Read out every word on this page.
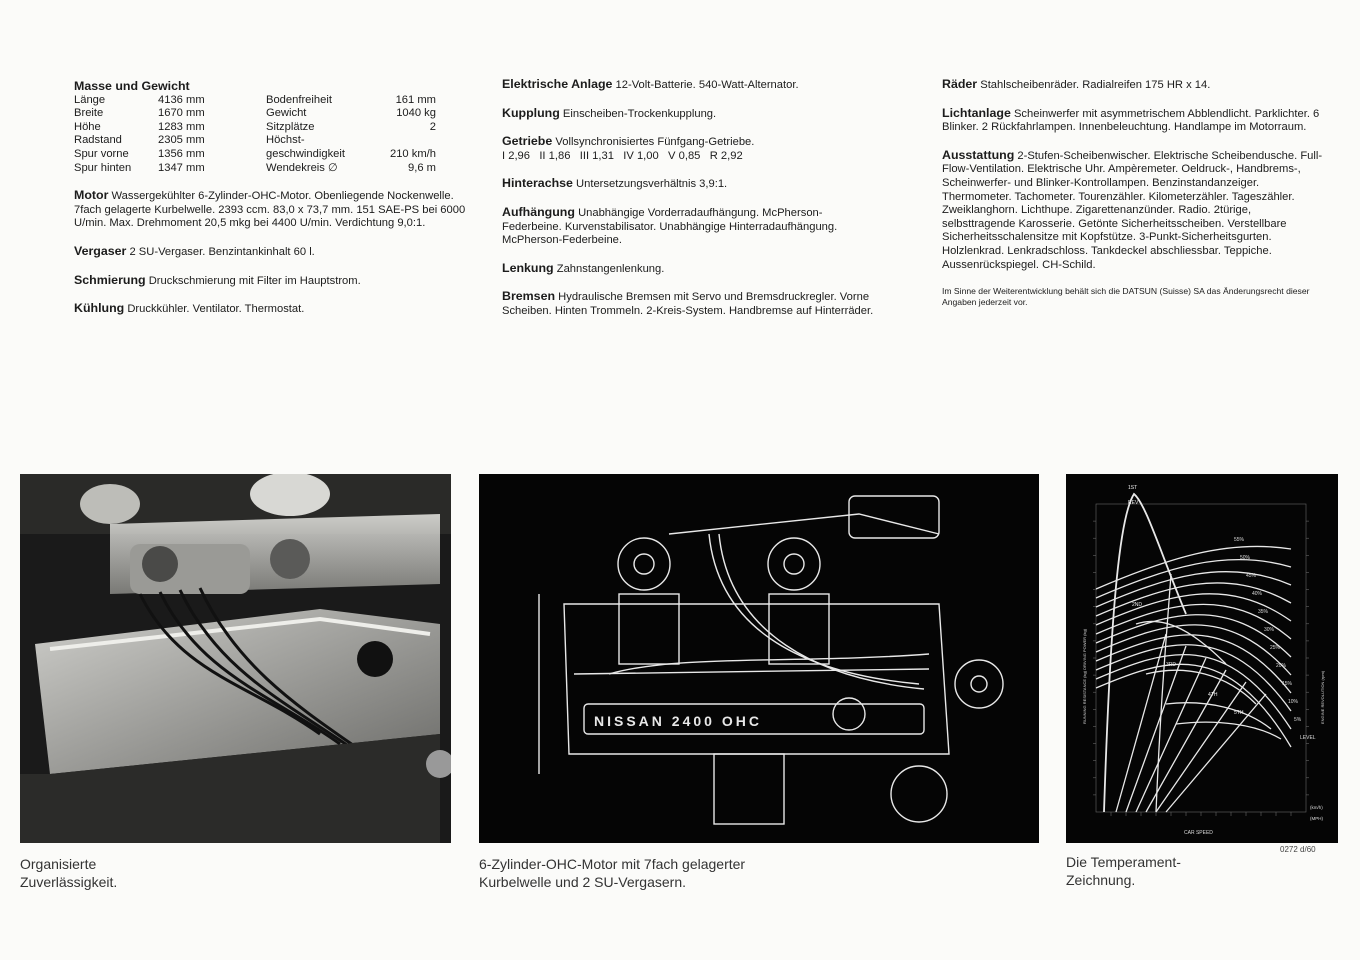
Masse und Gewicht
Länge	4136 mm	Bodenfreiheit	161 mm
Breite	1670 mm	Gewicht	1040 kg
Höhe	1283 mm	Sitzplätze	2
Radstand	2305 mm	Höchst-	
Spur vorne	1356 mm	geschwindigkeit	210 km/h
Spur hinten	1347 mm	Wendekreis ∅	9,6 m

Motor Wassergekühlter 6-Zylinder-OHC-Motor. Obenliegende Nockenwelle. 7fach gelagerte Kurbelwelle. 2393 ccm. 83,0 x 73,7 mm. 151 SAE-PS bei 6000 U/min. Max. Drehmoment 20,5 mkg bei 4400 U/min. Verdichtung 9,0:1.

Vergaser 2 SU-Vergaser. Benzintankinhalt 60 l.

Schmierung Druckschmierung mit Filter im Hauptstrom.

Kühlung Druckkühler. Ventilator. Thermostat.

Elektrische Anlage 12-Volt-Batterie. 540-Watt-Alternator.

Kupplung Einscheiben-Trockenkupplung.

Getriebe Vollsynchronisiertes Fünfgang-Getriebe.
I 2,96   II 1,86   III 1,31   IV 1,00   V 0,85   R 2,92

Hinterachse Untersetzungsverhältnis 3,9:1.

Aufhängung Unabhängige Vorderradaufhängung. McPherson-Federbeine. Kurvenstabilisator. Unabhängige Hinterradaufhängung. McPherson-Federbeine.

Lenkung Zahnstangenlenkung.

Bremsen Hydraulische Bremsen mit Servo und Bremsdruckregler. Vorne Scheiben. Hinten Trommeln. 2-Kreis-System. Handbremse auf Hinterräder.

Räder Stahlscheibenräder. Radialreifen 175 HR x 14.

Lichtanlage Scheinwerfer mit asymmetrischem Abblendlicht. Parklichter. 6 Blinker. 2 Rückfahrlampen. Innenbeleuchtung. Handlampe im Motorraum.

Ausstattung 2-Stufen-Scheibenwischer. Elektrische Scheibendusche. Full-Flow-Ventilation. Elektrische Uhr. Ampèremeter. Oeldruck-, Handbrems-, Scheinwerfer- und Blinker-Kontrollampen. Benzinstandanzeiger. Thermometer. Tachometer. Tourenzähler. Kilometerzähler. Tageszähler. Zweiklanghorn. Lichthupe. Zigarettenanzünder. Radio. 2türige, selbsttragende Karosserie. Getönte Sicherheitsscheiben. Verstellbare Sicherheitsschalensitze mit Kopfstütze. 3-Punkt-Sicherheitsgurten. Holzlenkrad. Lenkradschloss. Tankdeckel abschliessbar. Teppiche. Aussenrückspiegel. CH-Schild.

Im Sinne der Weiterentwicklung behält sich die DATSUN (Suisse) SA das Änderungsrecht dieser Angaben jederzeit vor.
NISSAN 2400 OHC
55%
50%
45%
40%
35%
30%
25%
20%
15%
10%
5%
LEVEL
1ST
REV
2ND
3RD
4TH
5TH
CAR SPEED
(km/h)
(MPH)
RUNNING RESISTANCE (kg) DRIVING POWER (kg)	ENGINE REVOLUTION (rpm)
Organisierte
Zuverlässigkeit.
6-Zylinder-OHC-Motor mit 7fach gelagerter
Kurbelwelle und 2 SU-Vergasern.
Die Temperament-
Zeichnung.
0272 d/60
